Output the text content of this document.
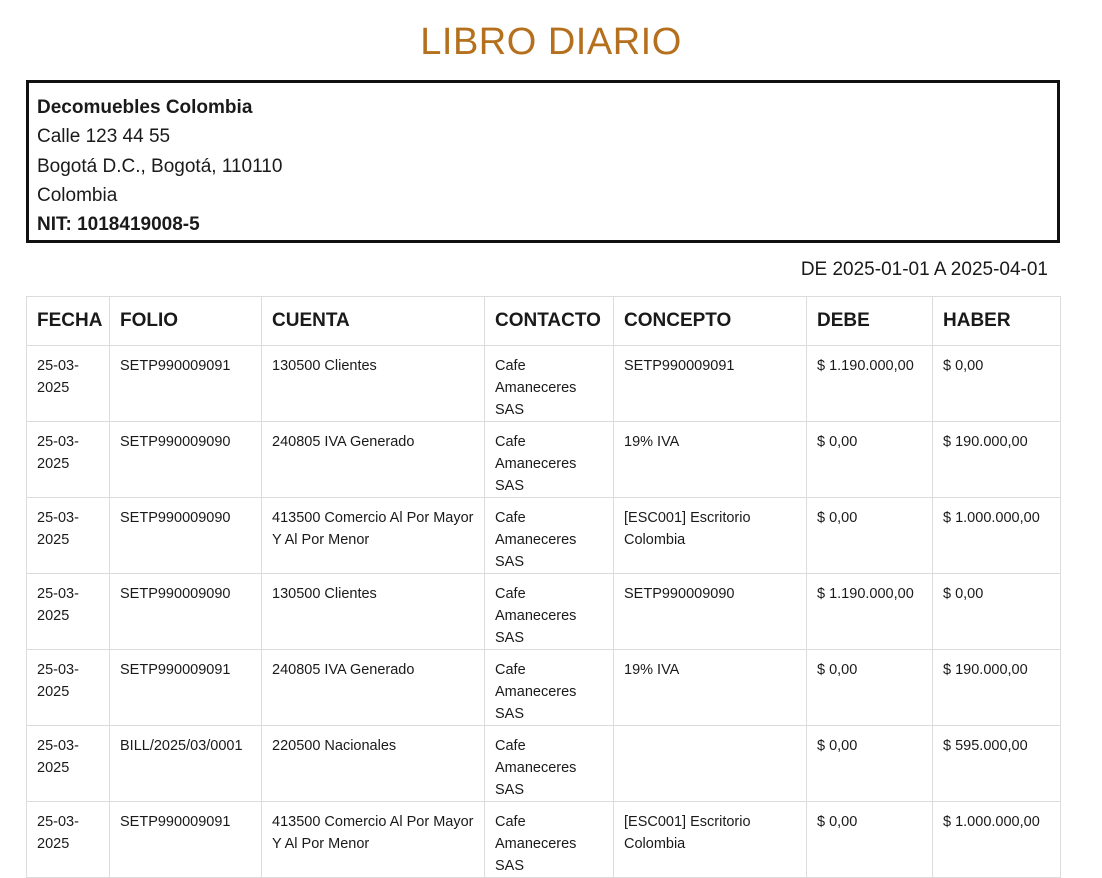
LIBRO DIARIO
Decomuebles Colombia
Calle 123 44 55
Bogotá D.C., Bogotá, 110110
Colombia
NIT: 1018419008-5
DE 2025-01-01 A 2025-04-01
FECHA	FOLIO	CUENTA	CONTACTO	CONCEPTO	DEBE	HABER
25-03-2025	SETP990009091	130500 Clientes	Cafe Amaneceres SAS	SETP990009091	$ 1.190.000,00	$ 0,00
25-03-2025	SETP990009090	240805 IVA Generado	Cafe Amaneceres SAS	19% IVA	$ 0,00	$ 190.000,00
25-03-2025	SETP990009090	413500 Comercio Al Por Mayor Y Al Por Menor	Cafe Amaneceres SAS	[ESC001] Escritorio Colombia	$ 0,00	$ 1.000.000,00
25-03-2025	SETP990009090	130500 Clientes	Cafe Amaneceres SAS	SETP990009090	$ 1.190.000,00	$ 0,00
25-03-2025	SETP990009091	240805 IVA Generado	Cafe Amaneceres SAS	19% IVA	$ 0,00	$ 190.000,00
25-03-2025	BILL/2025/03/0001	220500 Nacionales	Cafe Amaneceres SAS		$ 0,00	$ 595.000,00
25-03-2025	SETP990009091	413500 Comercio Al Por Mayor Y Al Por Menor	Cafe Amaneceres SAS	[ESC001] Escritorio Colombia	$ 0,00	$ 1.000.000,00
